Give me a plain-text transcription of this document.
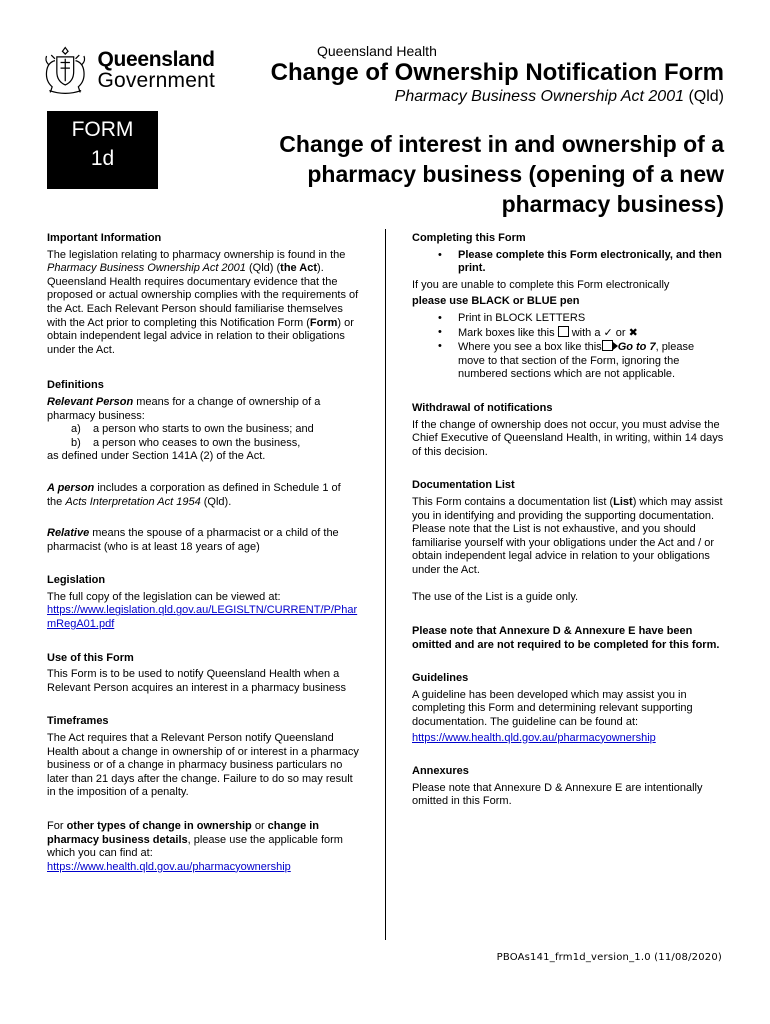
Queensland
Government
Queensland Health
Change of Ownership Notification Form
Pharmacy Business Ownership Act 2001 (Qld)
FORM
1d
Change of interest in and ownership of a
pharmacy business (opening of a new
pharmacy business)

Important Information

The legislation relating to pharmacy ownership is found in the Pharmacy Business Ownership Act 2001 (Qld) (the Act). Queensland Health requires documentary evidence that the proposed or actual ownership complies with the requirements of the Act. Each Relevant Person should familiarise themselves with the Act prior to completing this Notification Form (Form) or obtain independent legal advice in relation to their obligations under the Act.

Definitions

Relevant Person means for a change of ownership of a pharmacy business:

a) a person who starts to own the business; and
b) a person who ceases to own the business,

as defined under Section 141A (2) of the Act.

A person includes a corporation as defined in Schedule 1 of the Acts Interpretation Act 1954 (Qld).

Relative means the spouse of a pharmacist or a child of the pharmacist (who is at least 18 years of age)

Legislation

The full copy of the legislation can be viewed at:

https://www.legislation.qld.gov.au/LEGISLTN/CURRENT/P/PharmRegA01.pdf

Use of this Form

This Form is to be used to notify Queensland Health when a Relevant Person acquires an interest in a pharmacy business

Timeframes

The Act requires that a Relevant Person notify Queensland Health about a change in ownership of or interest in a pharmacy business or of a change in pharmacy business particulars no later than 21 days after the change. Failure to do so may result in the imposition of a penalty.

For other types of change in ownership or change in pharmacy business details, please use the applicable form which you can find at:

https://www.health.qld.gov.au/pharmacyownership

Completing this Form

• Please complete this Form electronically, and then print.

If you are unable to complete this Form electronically

please use BLACK or BLUE pen

• Print in BLOCK LETTERS
• Mark boxes like this  with a ✓ or ✖
• Where you see a box like this Go to 7, please move to that section of the Form, ignoring the numbered sections which are not applicable.

Withdrawal of notifications

If the change of ownership does not occur, you must advise the Chief Executive of Queensland Health, in writing, within 14 days of this decision.

Documentation List

This Form contains a documentation list (List) which may assist you in identifying and providing the supporting documentation. Please note that the List is not exhaustive, and you should familiarise yourself with your obligations under the Act and / or obtain independent legal advice in relation to your obligations under the Act.

The use of the List is a guide only.

Please note that Annexure D & Annexure E have been omitted and are not required to be completed for this form.

Guidelines

A guideline has been developed which may assist you in completing this Form and determining relevant supporting documentation. The guideline can be found at:

https://www.health.qld.gov.au/pharmacyownership

Annexures

Please note that Annexure D & Annexure E are intentionally omitted in this Form.

PBOAs141_frm1d_version_1.0 (11/08/2020)
